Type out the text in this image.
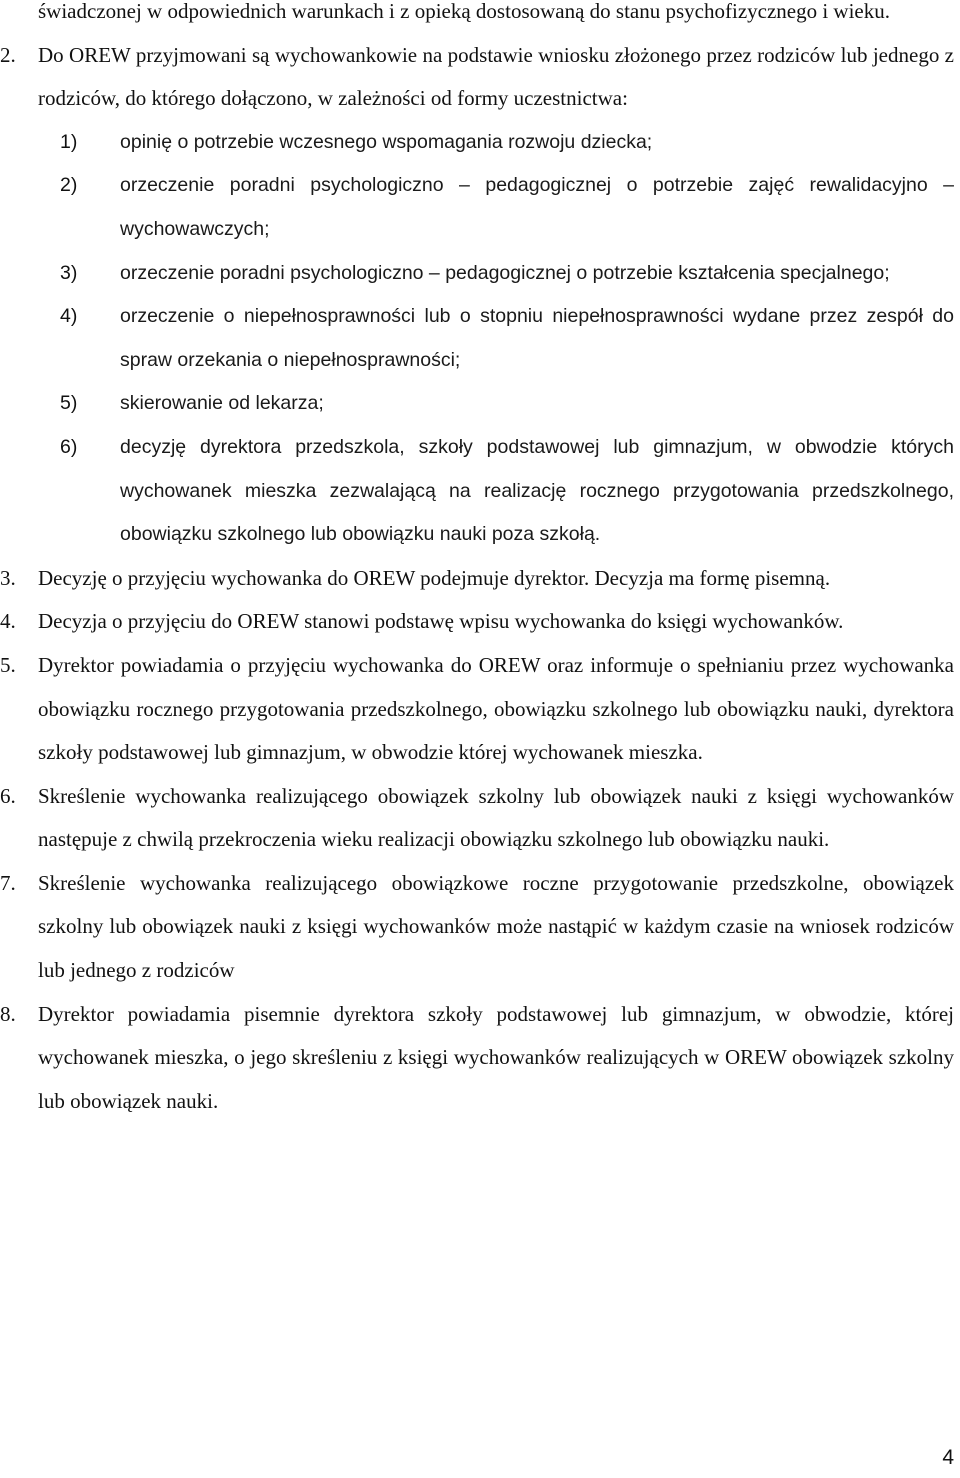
świadczonej w odpowiednich warunkach i z opieką dostosowaną do stanu psychofizycznego i wieku.
2.	Do OREW przyjmowani są wychowankowie na podstawie wniosku złożonego przez rodziców lub jednego z rodziców, do którego dołączono, w zależności od formy uczestnictwa:
1)	opinię o potrzebie wczesnego wspomagania rozwoju dziecka;
2)	orzeczenie poradni psychologiczno – pedagogicznej o potrzebie zajęć rewalidacyjno – wychowawczych;
3)	orzeczenie poradni psychologiczno – pedagogicznej o potrzebie kształcenia specjalnego;
4)	orzeczenie o niepełnosprawności lub o stopniu niepełnosprawności wydane przez zespół do spraw orzekania o niepełnosprawności;
5)	skierowanie od lekarza;
6)	decyzję dyrektora przedszkola, szkoły podstawowej lub gimnazjum, w obwodzie których wychowanek mieszka zezwalającą na realizację rocznego przygotowania przedszkolnego, obowiązku szkolnego lub obowiązku nauki poza szkołą.
3.	Decyzję o przyjęciu wychowanka do OREW podejmuje dyrektor. Decyzja ma formę pisemną.
4.	Decyzja o przyjęciu do OREW stanowi podstawę wpisu wychowanka do księgi wychowanków.
5.	Dyrektor powiadamia o przyjęciu wychowanka do OREW oraz informuje o spełnianiu przez wychowanka obowiązku rocznego przygotowania przedszkolnego, obowiązku szkolnego lub obowiązku nauki, dyrektora szkoły podstawowej lub gimnazjum, w obwodzie której wychowanek mieszka.
6.	Skreślenie wychowanka realizującego obowiązek szkolny lub obowiązek nauki z księgi wychowanków następuje z chwilą przekroczenia wieku realizacji obowiązku szkolnego lub obowiązku nauki.
7.	Skreślenie wychowanka realizującego obowiązkowe roczne przygotowanie przedszkolne, obowiązek szkolny lub obowiązek nauki z księgi wychowanków może nastąpić w każdym czasie na wniosek rodziców lub jednego z rodziców
8.	Dyrektor powiadamia pisemnie dyrektora szkoły podstawowej lub gimnazjum, w obwodzie, której wychowanek mieszka, o jego skreśleniu z księgi wychowanków realizujących w OREW obowiązek szkolny lub obowiązek nauki.
4
